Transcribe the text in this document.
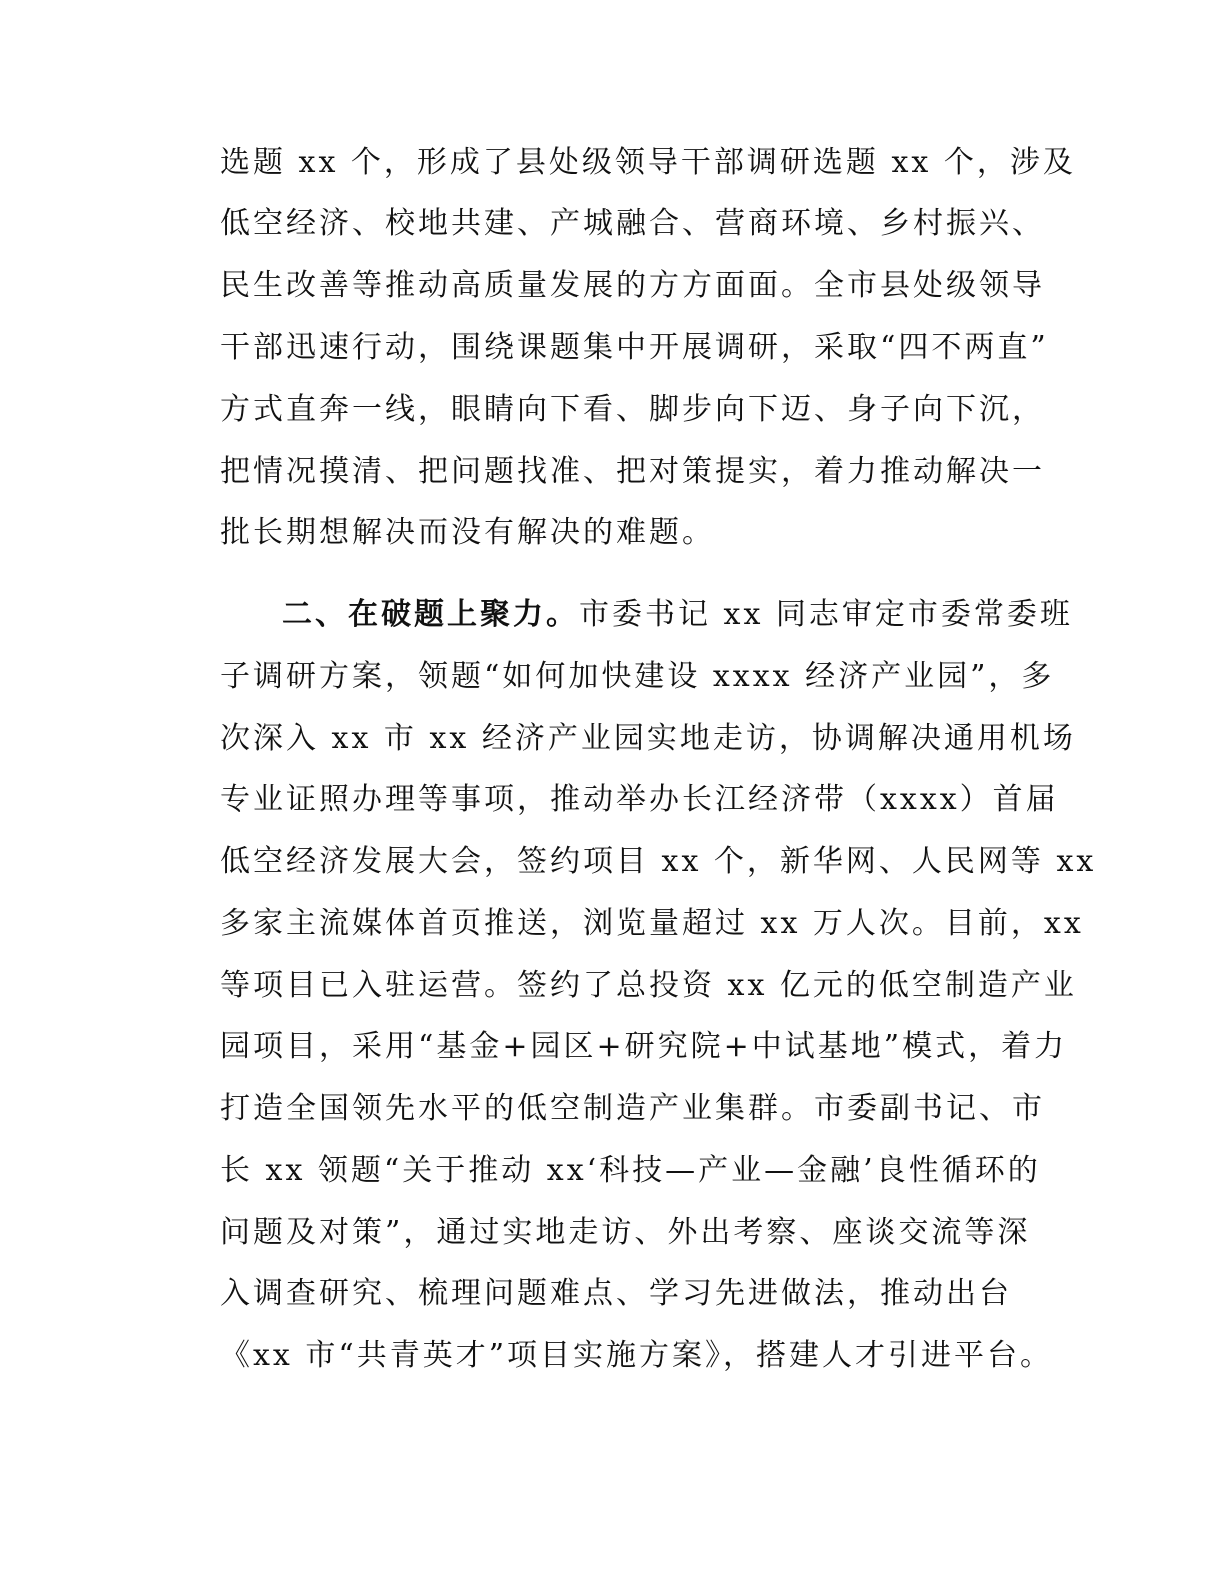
选题 xx 个，形成了县处级领导干部调研选题 xx 个，涉及
低空经济、校地共建、产城融合、营商环境、乡村振兴、
民生改善等推动高质量发展的方方面面。全市县处级领导
干部迅速行动，围绕课题集中开展调研，采取“四不两直”
方式直奔一线，眼睛向下看、脚步向下迈、身子向下沉，
把情况摸清、把问题找准、把对策提实，着力推动解决一
批长期想解决而没有解决的难题。
二、在破题上聚力。市委书记 xx 同志审定市委常委班
子调研方案，领题“如何加快建设 xxxx 经济产业园”，多
次深入 xx 市 xx 经济产业园实地走访，协调解决通用机场
专业证照办理等事项，推动举办长江经济带（xxxx）首届
低空经济发展大会，签约项目 xx 个，新华网、人民网等 xx
多家主流媒体首页推送，浏览量超过 xx 万人次。目前，xx
等项目已入驻运营。签约了总投资 xx 亿元的低空制造产业
园项目，采用“基金+园区+研究院+中试基地”模式，着力
打造全国领先水平的低空制造产业集群。市委副书记、市
长 xx 领题“关于推动 xx‘科技—产业—金融’良性循环的
问题及对策”，通过实地走访、外出考察、座谈交流等深
入调查研究、梳理问题难点、学习先进做法，推动出台
《xx 市“共青英才”项目实施方案》，搭建人才引进平台。
